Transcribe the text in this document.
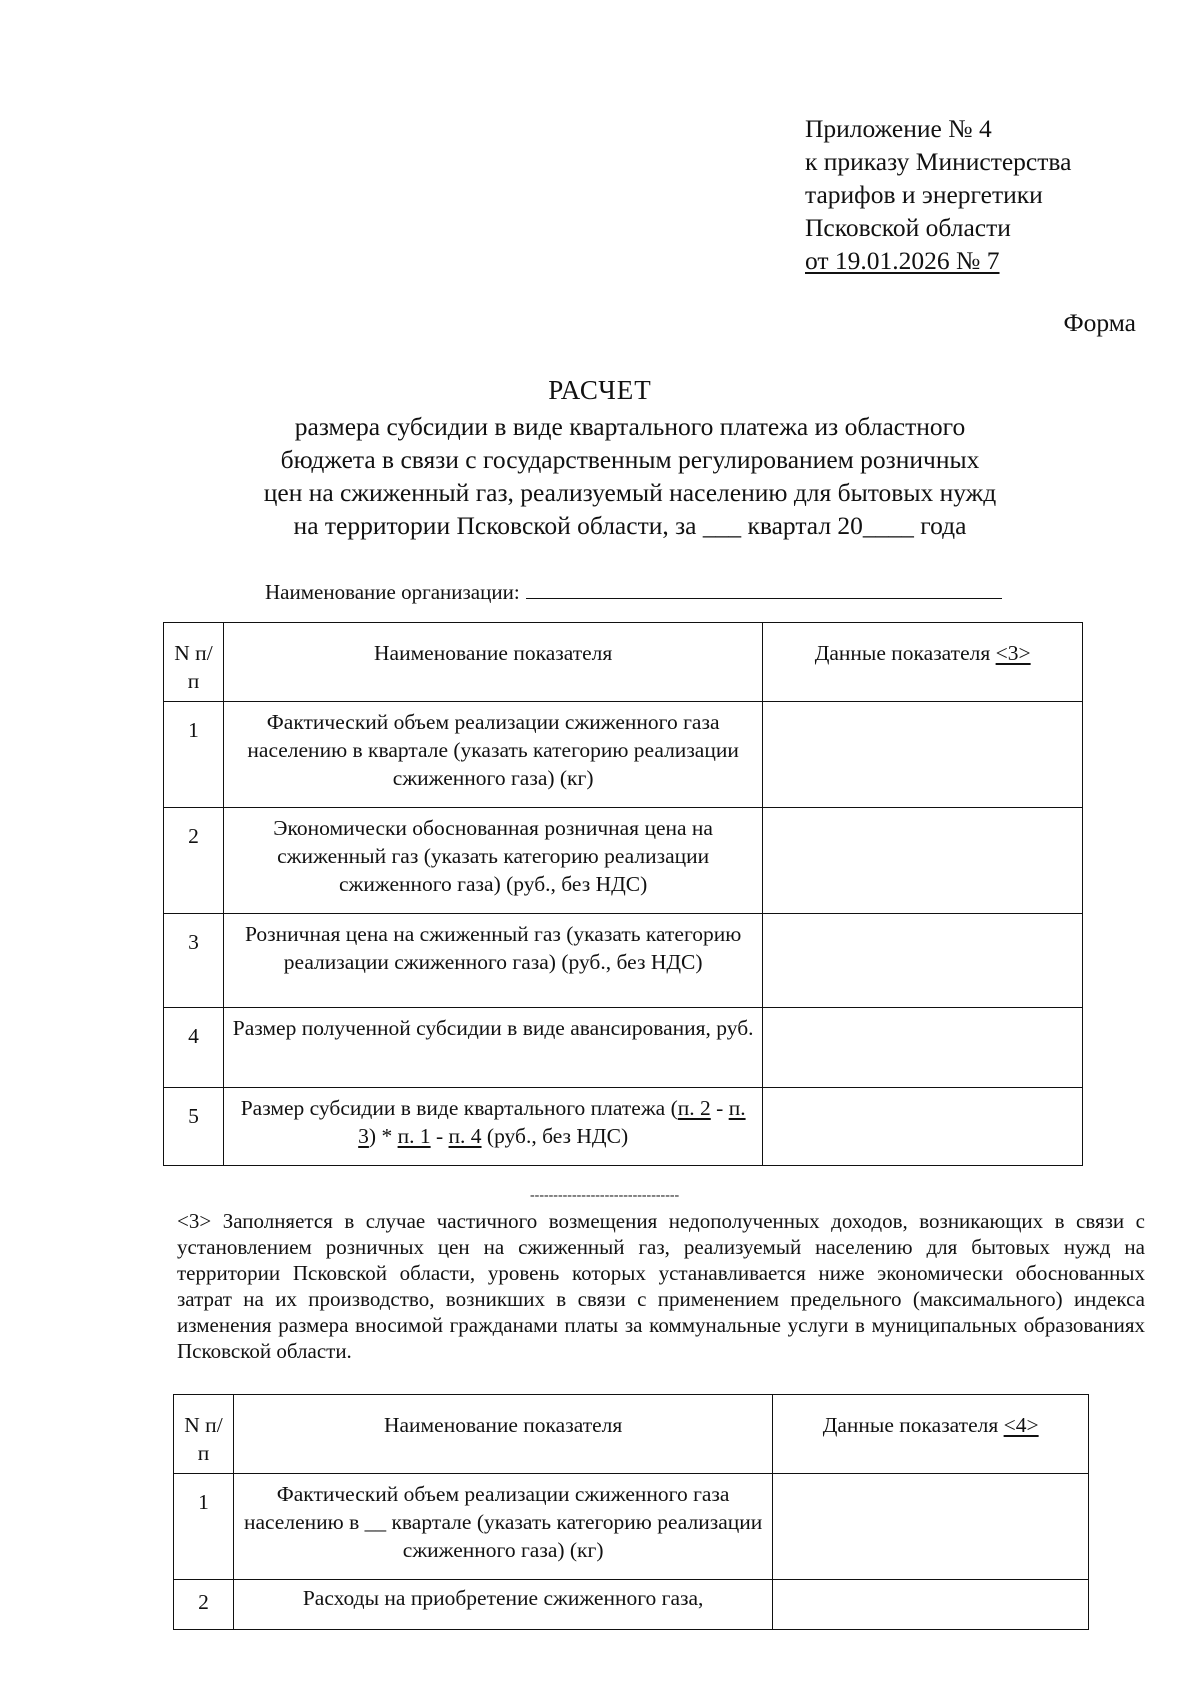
Приложение № 4
к приказу Министерства
тарифов и энергетики
Псковской области
от 19.01.2026 № 7
Форма
РАСЧЕТ
размера субсидии в виде квартального платежа из областного
бюджета в связи с государственным регулированием розничных
цен на сжиженный газ, реализуемый населению для бытовых нужд
на территории Псковской области, за ___ квартал 20____ года
Наименование организации:
N п/п	Наименование показателя	Данные показателя <3>
1	Фактический объем реализации сжиженного газа населению в квартале (указать категорию реализации сжиженного газа) (кг)	
2	Экономически обоснованная розничная цена на сжиженный газ (указать категорию реализации сжиженного газа) (руб., без НДС)	
3	Розничная цена на сжиженный газ (указать категорию реализации сжиженного газа) (руб., без НДС)	
4	Размер полученной субсидии в виде авансирования, руб.	
5	Размер субсидии в виде квартального платежа (п. 2 - п. 3) * п. 1 - п. 4 (руб., без НДС)	
--------------------------------
<3> Заполняется в случае частичного возмещения недополученных доходов, возникающих в связи с установлением розничных цен на сжиженный газ, реализуемый населению для бытовых нужд на территории Псковской области, уровень которых устанавливается ниже экономически обоснованных затрат на их производство, возникших в связи с применением предельного (максимального) индекса изменения размера вносимой гражданами платы за коммунальные услуги в муниципальных образованиях Псковской области.
N п/п	Наименование показателя	Данные показателя <4>
1	Фактический объем реализации сжиженного газа населению в __ квартале (указать категорию реализации сжиженного газа) (кг)	
2	Расходы на приобретение сжиженного газа,	
